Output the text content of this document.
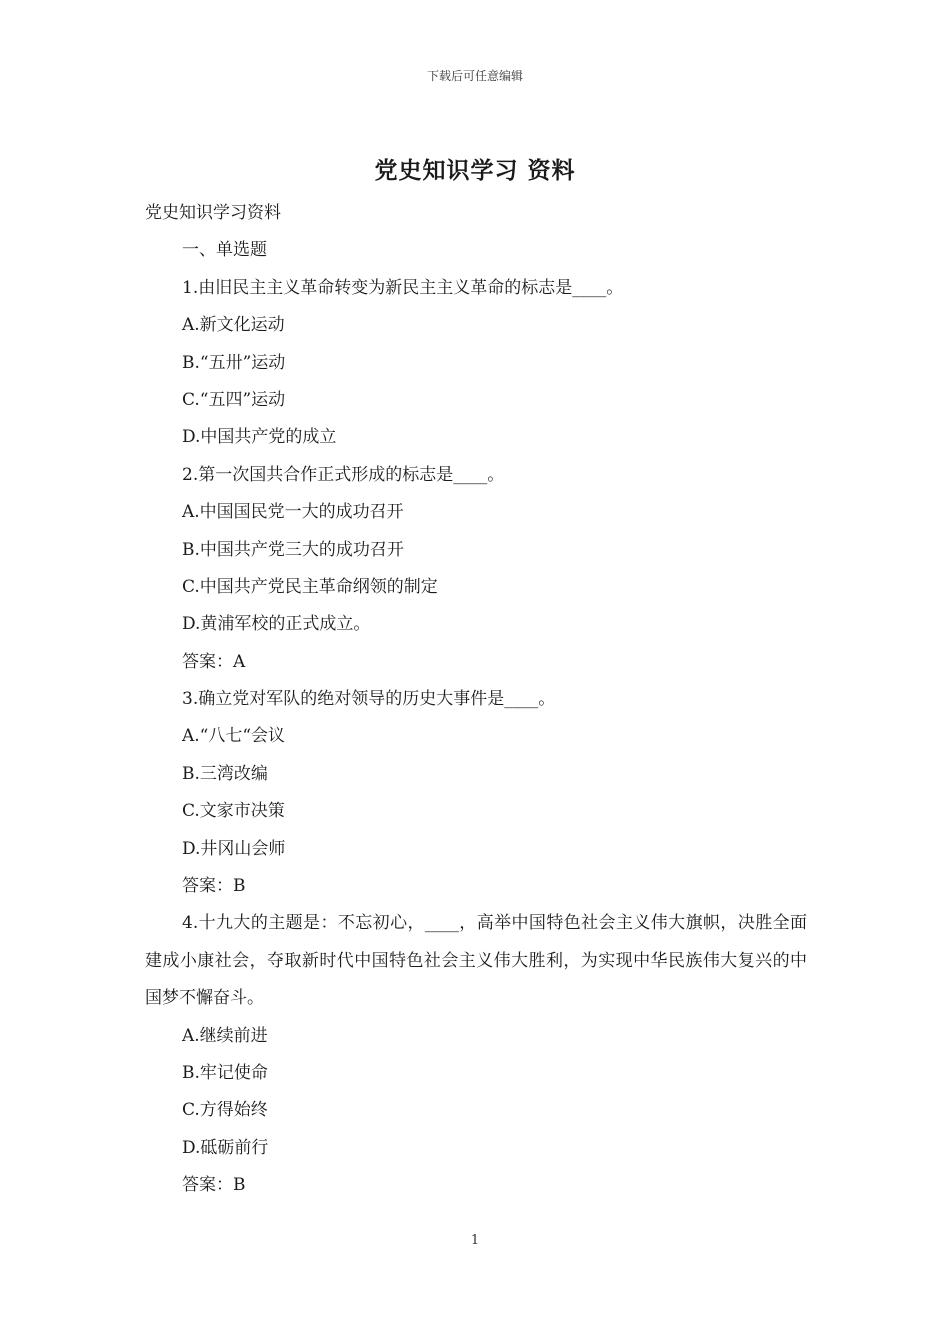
下载后可任意编辑
党史知识学习 资料

党史知识学习资料

一、单选题

1.由旧民主主义革命转变为新民主主义革命的标志是____。

A.新文化运动

B.“五卅”运动

C.“五四”运动

D.中国共产党的成立

2.第一次国共合作正式形成的标志是____。

A.中国国民党一大的成功召开

B.中国共产党三大的成功召开

C.中国共产党民主革命纲领的制定

D.黄浦军校的正式成立。

答案：A

3.确立党对军队的绝对领导的历史大事件是____。

A.“八七“会议

B.三湾改编

C.文家市决策

D.井冈山会师

答案：B

4.十九大的主题是：不忘初心，____，高举中国特色社会主义伟大旗帜，决胜全面建成小康社会，夺取新时代中国特色社会主义伟大胜利，为实现中华民族伟大复兴的中国梦不懈奋斗。

A.继续前进

B.牢记使命

C.方得始终

D.砥砺前行

答案：B

1
